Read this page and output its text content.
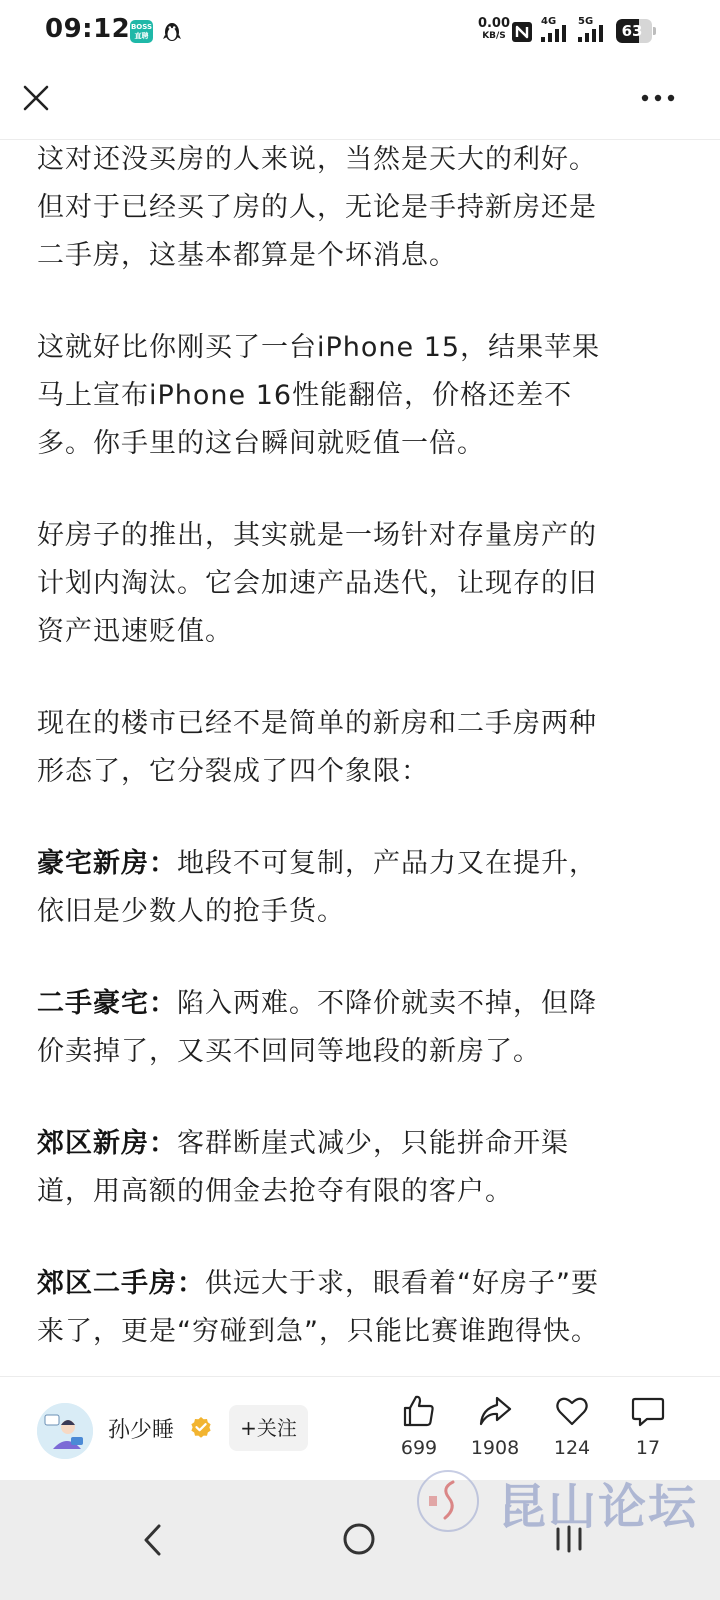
09:12 BOSS
直聘
0.00
KB/S
4G 5G
63

这对还没买房的人来说，当然是天大的利好。
但对于已经买了房的人，无论是手持新房还是
二手房，这基本都算是个坏消息。

这就好比你刚买了一台iPhone 15，结果苹果
马上宣布iPhone 16性能翻倍，价格还差不
多。你手里的这台瞬间就贬值一倍。

好房子的推出，其实就是一场针对存量房产的
计划内淘汰。它会加速产品迭代，让现存的旧
资产迅速贬值。

现在的楼市已经不是简单的新房和二手房两种
形态了，它分裂成了四个象限：

豪宅新房：地段不可复制，产品力又在提升，
依旧是少数人的抢手货。

二手豪宅：陷入两难。不降价就卖不掉，但降
价卖掉了，又买不回同等地段的新房了。

郊区新房：客群断崖式减少，只能拼命开渠
道，用高额的佣金去抢夺有限的客户。

郊区二手房：供远大于求，眼看着“好房子”要
来了，更是“穷碰到急”，只能比赛谁跑得快。

孙少睡	+关注
699	1908	124	17
昆山论坛
